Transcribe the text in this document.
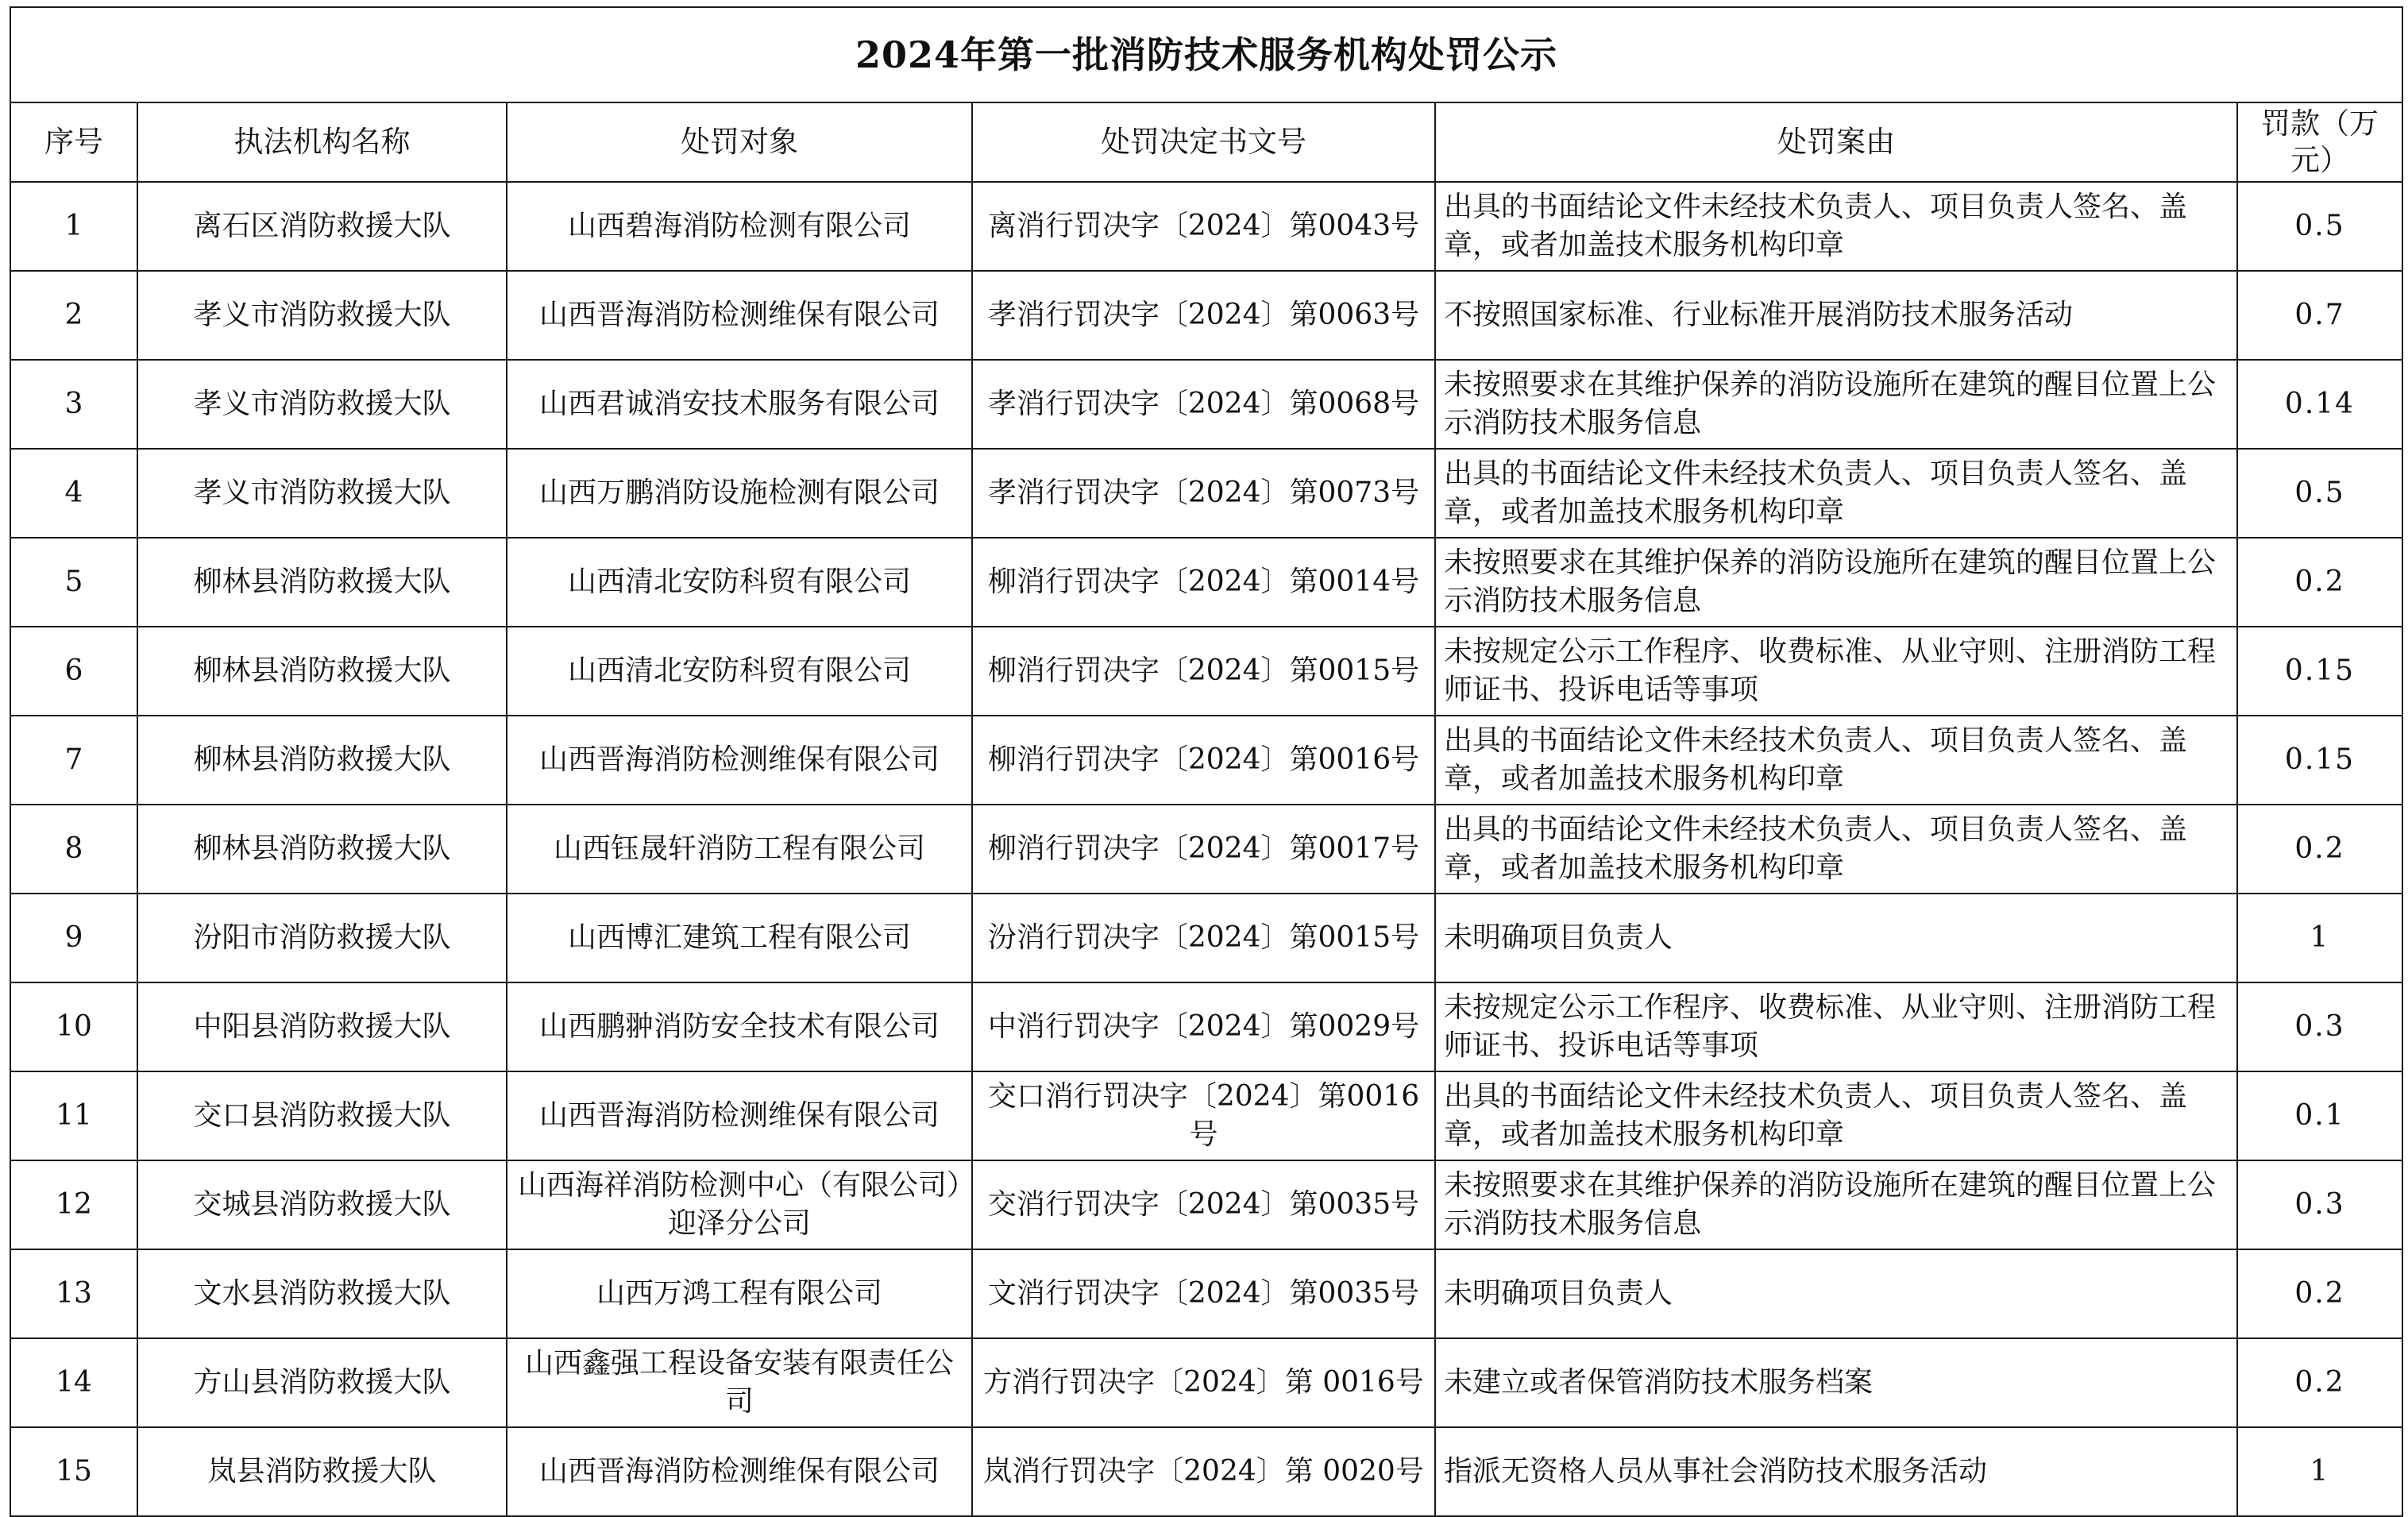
2024年第一批消防技术服务机构处罚公示					
序号	执法机构名称	处罚对象	处罚决定书文号	处罚案由	罚款（万元）
1	离石区消防救援大队	山西碧海消防检测有限公司	离消行罚决字〔2024〕第0043号	出具的书面结论文件未经技术负责人、项目负责人签名、盖章，或者加盖技术服务机构印章	0.5
2	孝义市消防救援大队	山西晋海消防检测维保有限公司	孝消行罚决字〔2024〕第0063号	不按照国家标准、行业标准开展消防技术服务活动	0.7
3	孝义市消防救援大队	山西君诚消安技术服务有限公司	孝消行罚决字〔2024〕第0068号	未按照要求在其维护保养的消防设施所在建筑的醒目位置上公示消防技术服务信息	0.14
4	孝义市消防救援大队	山西万鹏消防设施检测有限公司	孝消行罚决字〔2024〕第0073号	出具的书面结论文件未经技术负责人、项目负责人签名、盖章，或者加盖技术服务机构印章	0.5
5	柳林县消防救援大队	山西清北安防科贸有限公司	柳消行罚决字〔2024〕第0014号	未按照要求在其维护保养的消防设施所在建筑的醒目位置上公示消防技术服务信息	0.2
6	柳林县消防救援大队	山西清北安防科贸有限公司	柳消行罚决字〔2024〕第0015号	未按规定公示工作程序、收费标准、从业守则、注册消防工程师证书、投诉电话等事项	0.15
7	柳林县消防救援大队	山西晋海消防检测维保有限公司	柳消行罚决字〔2024〕第0016号	出具的书面结论文件未经技术负责人、项目负责人签名、盖章，或者加盖技术服务机构印章	0.15
8	柳林县消防救援大队	山西钰晟轩消防工程有限公司	柳消行罚决字〔2024〕第0017号	出具的书面结论文件未经技术负责人、项目负责人签名、盖章，或者加盖技术服务机构印章	0.2
9	汾阳市消防救援大队	山西博汇建筑工程有限公司	汾消行罚决字〔2024〕第0015号	未明确项目负责人	1
10	中阳县消防救援大队	山西鹏翀消防安全技术有限公司	中消行罚决字〔2024〕第0029号	未按规定公示工作程序、收费标准、从业守则、注册消防工程师证书、投诉电话等事项	0.3
11	交口县消防救援大队	山西晋海消防检测维保有限公司	交口消行罚决字〔2024〕第0016号	出具的书面结论文件未经技术负责人、项目负责人签名、盖章，或者加盖技术服务机构印章	0.1
12	交城县消防救援大队	山西海祥消防检测中心（有限公司）迎泽分公司	交消行罚决字〔2024〕第0035号	未按照要求在其维护保养的消防设施所在建筑的醒目位置上公示消防技术服务信息	0.3
13	文水县消防救援大队	山西万鸿工程有限公司	文消行罚决字〔2024〕第0035号	未明确项目负责人	0.2
14	方山县消防救援大队	山西鑫强工程设备安装有限责任公司	方消行罚决字〔2024〕第 0016号	未建立或者保管消防技术服务档案	0.2
15	岚县消防救援大队	山西晋海消防检测维保有限公司	岚消行罚决字〔2024〕第 0020号	指派无资格人员从事社会消防技术服务活动	1
